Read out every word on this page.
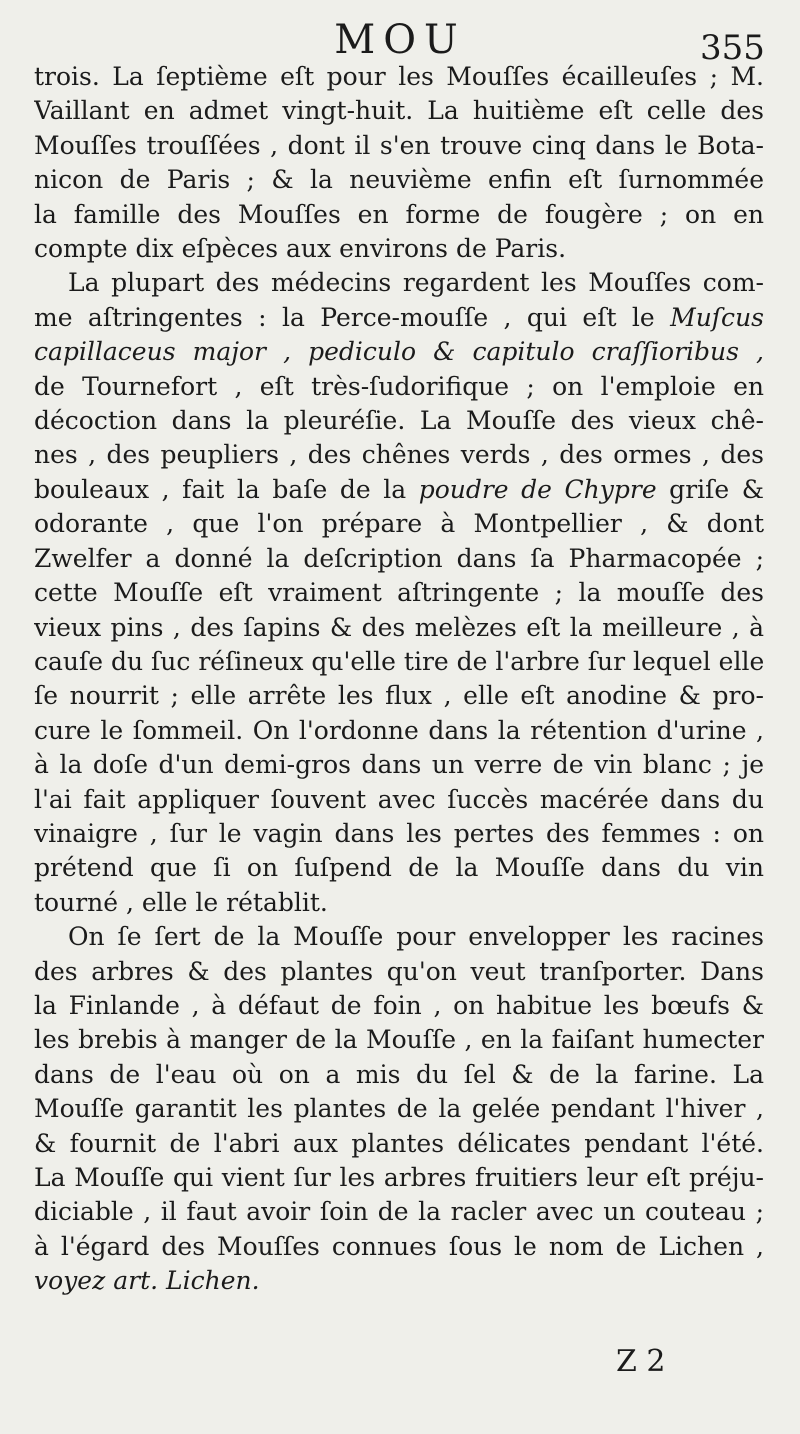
MOU	355
trois. La ſeptième eſt pour les Mouſſes écailleuſes ; M.
Vaillant en admet vingt-huit. La huitième eſt celle des
Mouſſes trouſſées , dont il s'en trouve cinq dans le Bota-
nicon de Paris ; & la neuvième enfin eſt ſurnommée
la famille des Mouſſes en forme de fougère ; on en
compte dix eſpèces aux environs de Paris.
La plupart des médecins regardent les Mouſſes com-
me aſtringentes : la Perce-mouſſe , qui eſt le Muſcus
capillaceus major , pediculo & capitulo craſſioribus ,
de Tournefort , eſt très-ſudorifique ; on l'emploie en
décoction dans la pleuréſie. La Mouſſe des vieux chê-
nes , des peupliers , des chênes verds , des ormes , des
bouleaux , fait la baſe de la poudre de Chypre griſe &
odorante , que l'on prépare à Montpellier , & dont
Zwelfer a donné la deſcription dans ſa Pharmacopée ;
cette Mouſſe eſt vraiment aſtringente ; la mouſſe des
vieux pins , des ſapins & des melèzes eſt la meilleure , à
cauſe du ſuc réſineux qu'elle tire de l'arbre ſur lequel elle
ſe nourrit ; elle arrête les flux , elle eſt anodine & pro-
cure le ſommeil. On l'ordonne dans la rétention d'urine ,
à la doſe d'un demi-gros dans un verre de vin blanc ; je
l'ai fait appliquer ſouvent avec ſuccès macérée dans du
vinaigre , ſur le vagin dans les pertes des femmes : on
prétend que ſi on ſuſpend de la Mouſſe dans du vin
tourné , elle le rétablit.
On ſe ſert de la Mouſſe pour envelopper les racines
des arbres & des plantes qu'on veut tranſporter. Dans
la Finlande , à défaut de foin , on habitue les bœufs &
les brebis à manger de la Mouſſe , en la faiſant humecter
dans de l'eau où on a mis du ſel & de la farine. La
Mouſſe garantit les plantes de la gelée pendant l'hiver ,
& fournit de l'abri aux plantes délicates pendant l'été.
La Mouſſe qui vient ſur les arbres fruitiers leur eſt préju-
diciable , il faut avoir ſoin de la racler avec un couteau ;
à l'égard des Mouſſes connues ſous le nom de Lichen ,
voyez art. Lichen.
Z 2
